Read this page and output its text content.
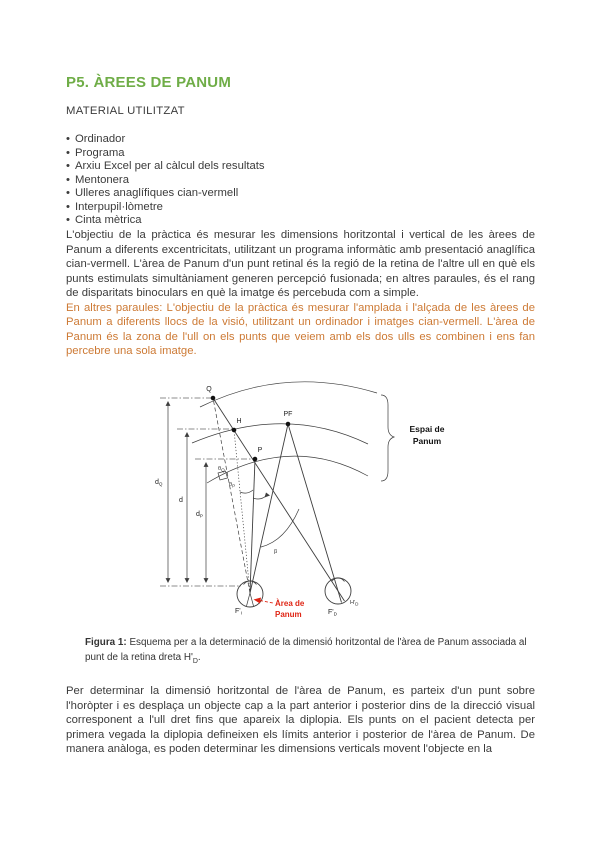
P5. ÀREES DE PANUM
MATERIAL UTILITZAT
• Ordinador
• Programa
• Arxiu Excel per al càlcul dels resultats
• Mentonera
• Ulleres anaglífiques cian-vermell
• Interpupil·lòmetre
• Cinta mètrica
L'objectiu de la pràctica és mesurar les dimensions horitzontal i vertical de les àrees de Panum a diferents excentricitats, utilitzant un programa informàtic amb presentació anaglífica cian-vermell. L'àrea de Panum d'un punt retinal és la regió de la retina de l'altre ull en què els punts estimulats simultàniament generen percepció fusionada; en altres paraules, és el rang de disparitats binoculars en què la imatge és percebuda com a simple.
En altres paraules: L'objectiu de la pràctica és mesurar l'amplada i l'alçada de les àrees de Panum a diferents llocs de la visió, utilitzant un ordinador i imatges cian-vermell. L'àrea de Panum és la zona de l'ull on els punts que veiem amb els dos ulls es combinen i ens fan percebre una sola imatge.
Espai de
Panum
$d_Q$
d
$d_P$
$\theta_Q$
$\theta_P$
β
Q
H
PF
P
$F'_I$	$F'_D$
$H'_D$
Àrea de
Panum
Figura 1: Esquema per a la determinació de la dimensió horitzontal de l'àrea de Panum associada al punt de la retina dreta $H'_D$.
Per determinar la dimensió horitzontal de l'àrea de Panum, es parteix d'un punt sobre l'horòpter i es desplaça un objecte cap a la part anterior i posterior dins de la direcció visual corresponent a l'ull dret fins que apareix la diplopia. Els punts on el pacient detecta per primera vegada la diplopia defineixen els límits anterior i posterior de l'àrea de Panum. De manera anàloga, es poden determinar les dimensions verticals movent l'objecte en la
